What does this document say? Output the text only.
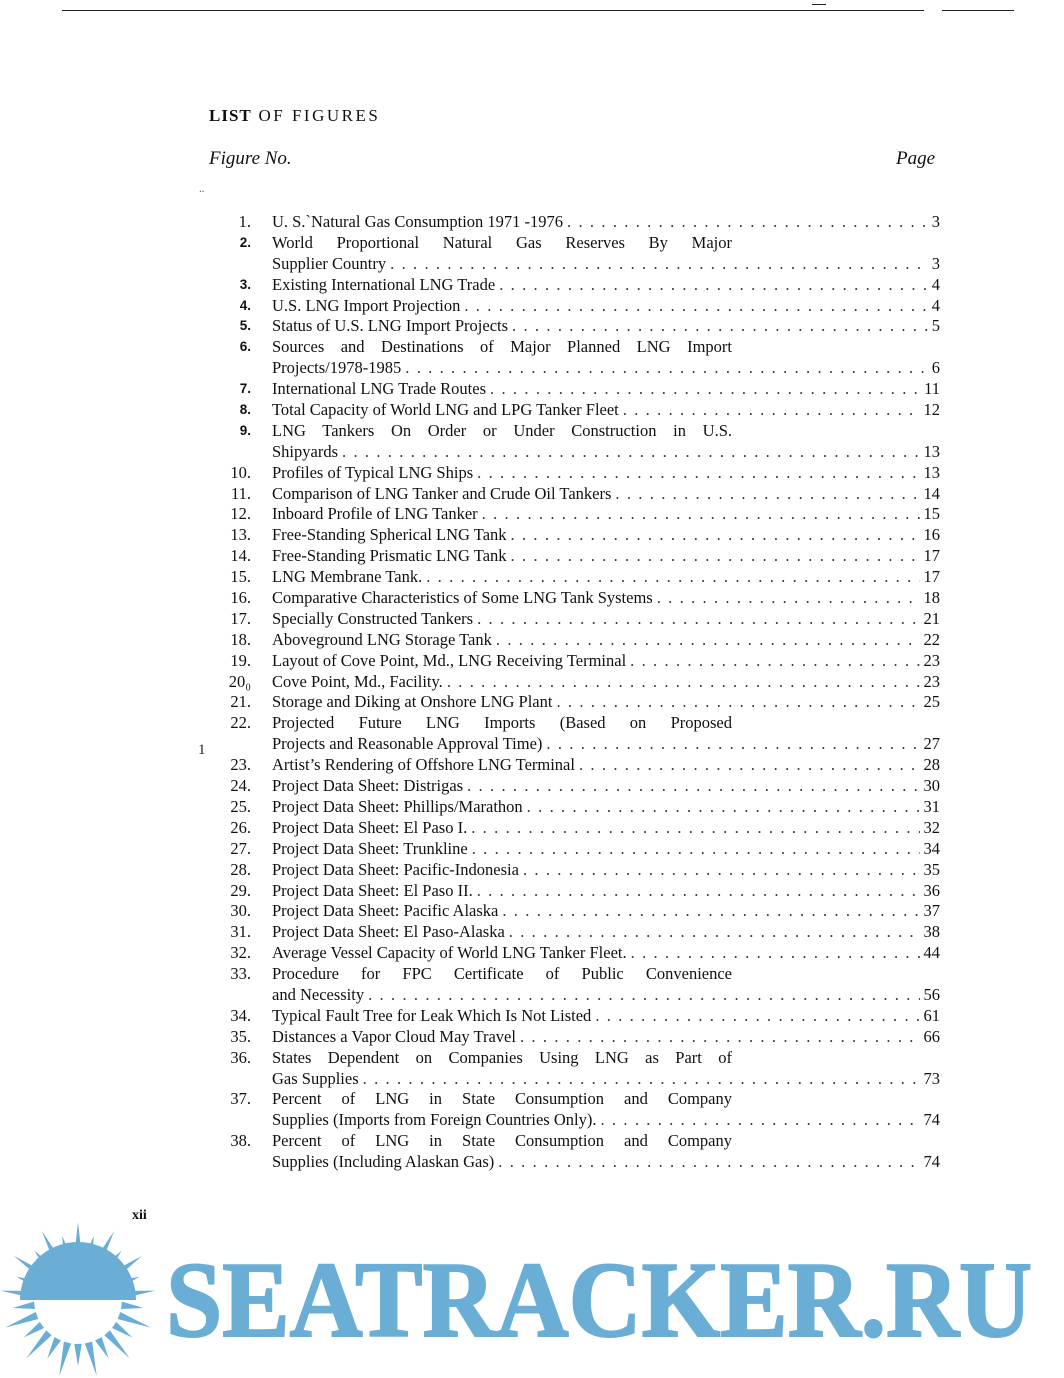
LIST OF FIGURES
Figure No.	Page
..
1
1. U. S.`Natural Gas Consumption 1971 -1976 . . .	3
2. World Proportional Natural Gas Reserves By Major
Supplier Country . . .	3
3. Existing International LNG Trade . . .	4
4. U.S. LNG Import Projection . . .	4
5. Status of U.S. LNG Import Projects . . .	5
6. Sources and Destinations of Major Planned LNG Import
Projects/1978-1985 . . .	6
7. International LNG Trade Routes . . .	11
8. Total Capacity of World LNG and LPG Tanker Fleet . . .	12
9. LNG Tankers On Order or Under Construction in U.S.
Shipyards . . .	13
10. Profiles of Typical LNG Ships . . .	13
11. Comparison of LNG Tanker and Crude Oil Tankers . . .	14
12. Inboard Profile of LNG Tanker . . .	15
13. Free-Standing Spherical LNG Tank . . .	16
14. Free-Standing Prismatic LNG Tank . . .	17
15. LNG Membrane Tank. . . .	17
16. Comparative Characteristics of Some LNG Tank Systems . . .	18
17. Specially Constructed Tankers . . .	21
18. Aboveground LNG Storage Tank . . .	22
19. Layout of Cove Point, Md., LNG Receiving Terminal . . .	23
20₀ Cove Point, Md., Facility. . . .	23
21. Storage and Diking at Onshore LNG Plant . . .	25
22. Projected Future LNG Imports (Based on Proposed
Projects and Reasonable Approval Time) . . .	27
23. Artist’s Rendering of Offshore LNG Terminal . . .	28
24. Project Data Sheet: Distrigas . . .	30
25. Project Data Sheet: Phillips/Marathon . . .	31
26. Project Data Sheet: El Paso I. . . .	32
27. Project Data Sheet: Trunkline . . .	34
28. Project Data Sheet: Pacific-Indonesia . . .	35
29. Project Data Sheet: El Paso II. . . .	36
30. Project Data Sheet: Pacific Alaska . . .	37
31. Project Data Sheet: El Paso-Alaska . . .	38
32. Average Vessel Capacity of World LNG Tanker Fleet. . . .	44
33. Procedure for FPC Certificate of Public Convenience
and Necessity . . .	56
34. Typical Fault Tree for Leak Which Is Not Listed . . .	61
35. Distances a Vapor Cloud May Travel . . .	66
36. States Dependent on Companies Using LNG as Part of
Gas Supplies . . .	73
37. Percent of LNG in State Consumption and Company
Supplies (Imports from Foreign Countries Only). . . .	74
38. Percent of LNG in State Consumption and Company
Supplies (Including Alaskan Gas) . . .	74
xii
SEATRACKER.RU
